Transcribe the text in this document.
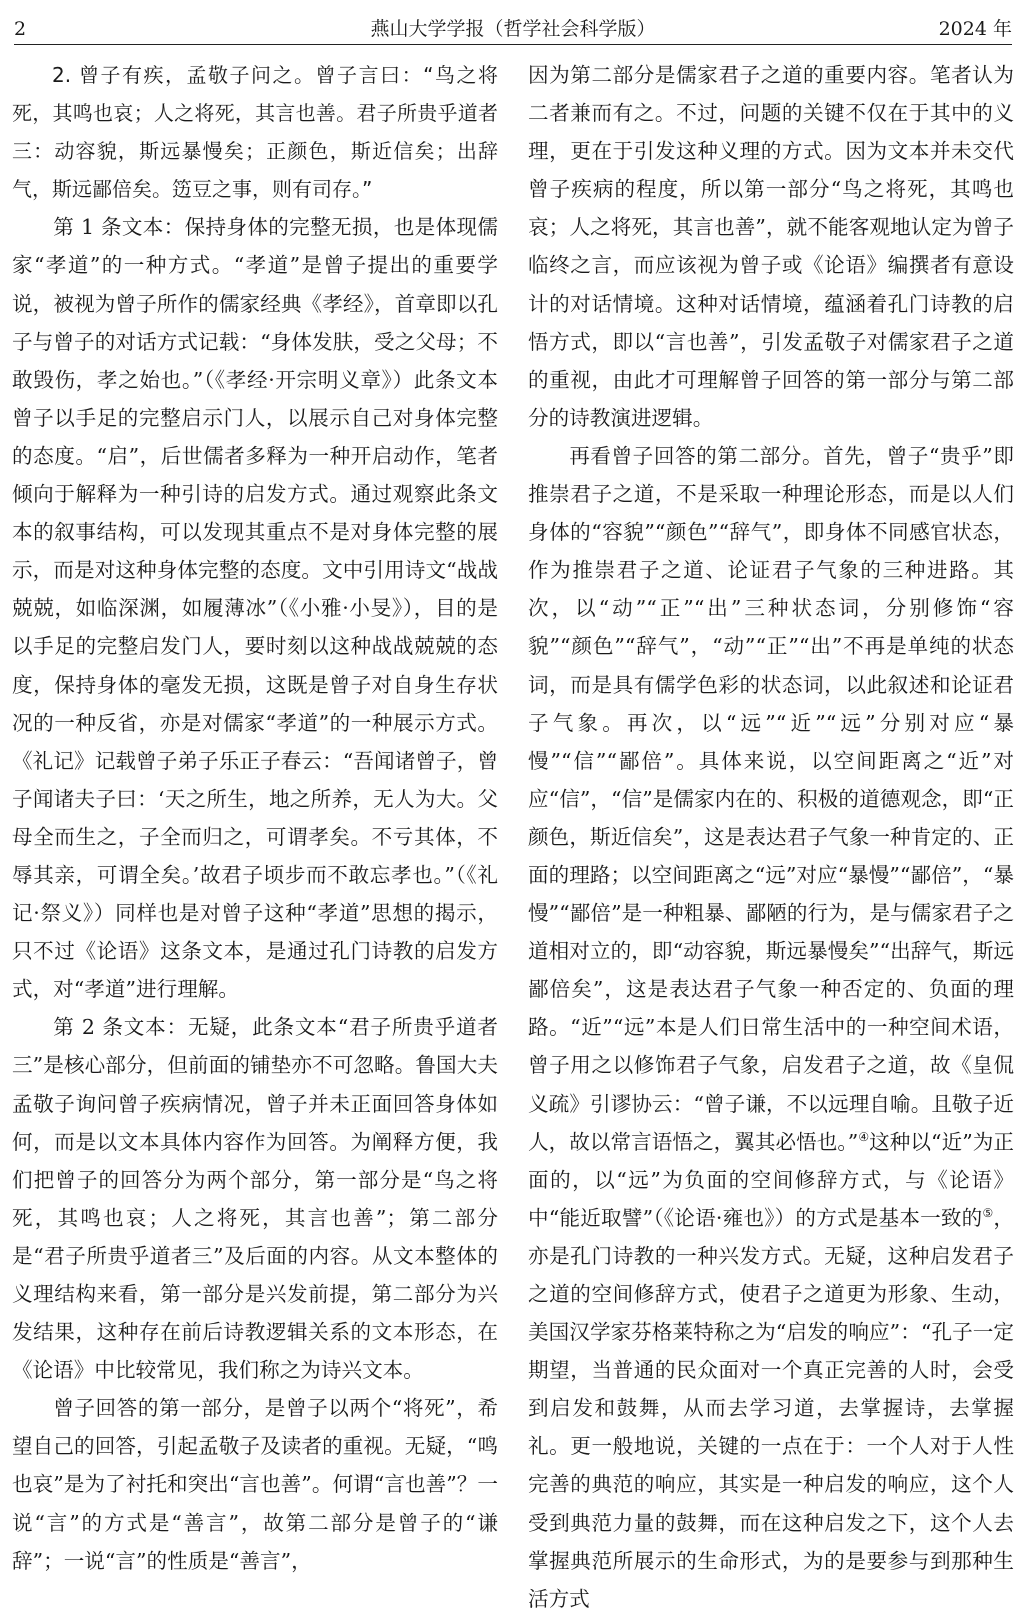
2	燕山大学学报（哲学社会科学版）	2024 年

2. 曾子有疾，孟敬子问之。曾子言曰：“鸟之将死，其鸣也哀；人之将死，其言也善。君子所贵乎道者三：动容貌，斯远暴慢矣；正颜色，斯近信矣；出辞气，斯远鄙倍矣。笾豆之事，则有司存。”

第 1 条文本：保持身体的完整无损，也是体现儒家“孝道”的一种方式。“孝道”是曾子提出的重要学说，被视为曾子所作的儒家经典《孝经》，首章即以孔子与曾子的对话方式记载：“身体发肤，受之父母；不敢毁伤，孝之始也。”（《孝经·开宗明义章》）此条文本曾子以手足的完整启示门人，以展示自己对身体完整的态度。“启”，后世儒者多释为一种开启动作，笔者倾向于解释为一种引诗的启发方式。通过观察此条文本的叙事结构，可以发现其重点不是对身体完整的展示，而是对这种身体完整的态度。文中引用诗文“战战兢兢，如临深渊，如履薄冰”（《小雅·小旻》），目的是以手足的完整启发门人，要时刻以这种战战兢兢的态度，保持身体的毫发无损，这既是曾子对自身生存状况的一种反省，亦是对儒家“孝道”的一种展示方式。《礼记》记载曾子弟子乐正子春云：“吾闻诸曾子，曾子闻诸夫子曰：‘天之所生，地之所养，无人为大。父母全而生之，子全而归之，可谓孝矣。不亏其体，不辱其亲，可谓全矣。’故君子顷步而不敢忘孝也。”（《礼记·祭义》）同样也是对曾子这种“孝道”思想的揭示，只不过《论语》这条文本，是通过孔门诗教的启发方式，对“孝道”进行理解。

第 2 条文本：无疑，此条文本“君子所贵乎道者三”是核心部分，但前面的铺垫亦不可忽略。鲁国大夫孟敬子询问曾子疾病情况，曾子并未正面回答身体如何，而是以文本具体内容作为回答。为阐释方便，我们把曾子的回答分为两个部分，第一部分是“鸟之将死，其鸣也哀；人之将死，其言也善”；第二部分是“君子所贵乎道者三”及后面的内容。从文本整体的义理结构来看，第一部分是兴发前提，第二部分为兴发结果，这种存在前后诗教逻辑关系的文本形态，在《论语》中比较常见，我们称之为诗兴文本。

曾子回答的第一部分，是曾子以两个“将死”，希望自己的回答，引起孟敬子及读者的重视。无疑，“鸣也哀”是为了衬托和突出“言也善”。何谓“言也善”？一说“言”的方式是“善言”，故第二部分是曾子的“谦辞”；一说“言”的性质是“善言”，

因为第二部分是儒家君子之道的重要内容。笔者认为二者兼而有之。不过，问题的关键不仅在于其中的义理，更在于引发这种义理的方式。因为文本并未交代曾子疾病的程度，所以第一部分“鸟之将死，其鸣也哀；人之将死，其言也善”，就不能客观地认定为曾子临终之言，而应该视为曾子或《论语》编撰者有意设计的对话情境。这种对话情境，蕴涵着孔门诗教的启悟方式，即以“言也善”，引发孟敬子对儒家君子之道的重视，由此才可理解曾子回答的第一部分与第二部分的诗教演进逻辑。

再看曾子回答的第二部分。首先，曾子“贵乎”即推崇君子之道，不是采取一种理论形态，而是以人们身体的“容貌”“颜色”“辞气”，即身体不同感官状态，作为推崇君子之道、论证君子气象的三种进路。其次，以“动”“正”“出”三种状态词，分别修饰“容貌”“颜色”“辞气”，“动”“正”“出”不再是单纯的状态词，而是具有儒学色彩的状态词，以此叙述和论证君子气象。再次，以“远”“近”“远”分别对应“暴慢”“信”“鄙倍”。具体来说，以空间距离之“近”对应“信”，“信”是儒家内在的、积极的道德观念，即“正颜色，斯近信矣”，这是表达君子气象一种肯定的、正面的理路；以空间距离之“远”对应“暴慢”“鄙倍”，“暴慢”“鄙倍”是一种粗暴、鄙陋的行为，是与儒家君子之道相对立的，即“动容貌，斯远暴慢矣”“出辞气，斯远鄙倍矣”，这是表达君子气象一种否定的、负面的理路。“近”“远”本是人们日常生活中的一种空间术语，曾子用之以修饰君子气象，启发君子之道，故《皇侃义疏》引谬协云：“曾子谦，不以远理自喻。且敬子近人，故以常言语悟之，翼其必悟也。”④这种以“近”为正面的，以“远”为负面的空间修辞方式，与《论语》中“能近取譬”（《论语·雍也》）的方式是基本一致的⑤，亦是孔门诗教的一种兴发方式。无疑，这种启发君子之道的空间修辞方式，使君子之道更为形象、生动，美国汉学家芬格莱特称之为“启发的响应”：“孔子一定期望，当普通的民众面对一个真正完善的人时，会受到启发和鼓舞，从而去学习道，去掌握诗，去掌握礼。更一般地说，关键的一点在于：一个人对于人性完善的典范的响应，其实是一种启发的响应，这个人受到典范力量的鼓舞，而在这种启发之下，这个人去掌握典范所展示的生命形式，为的是要参与到那种生活方式
